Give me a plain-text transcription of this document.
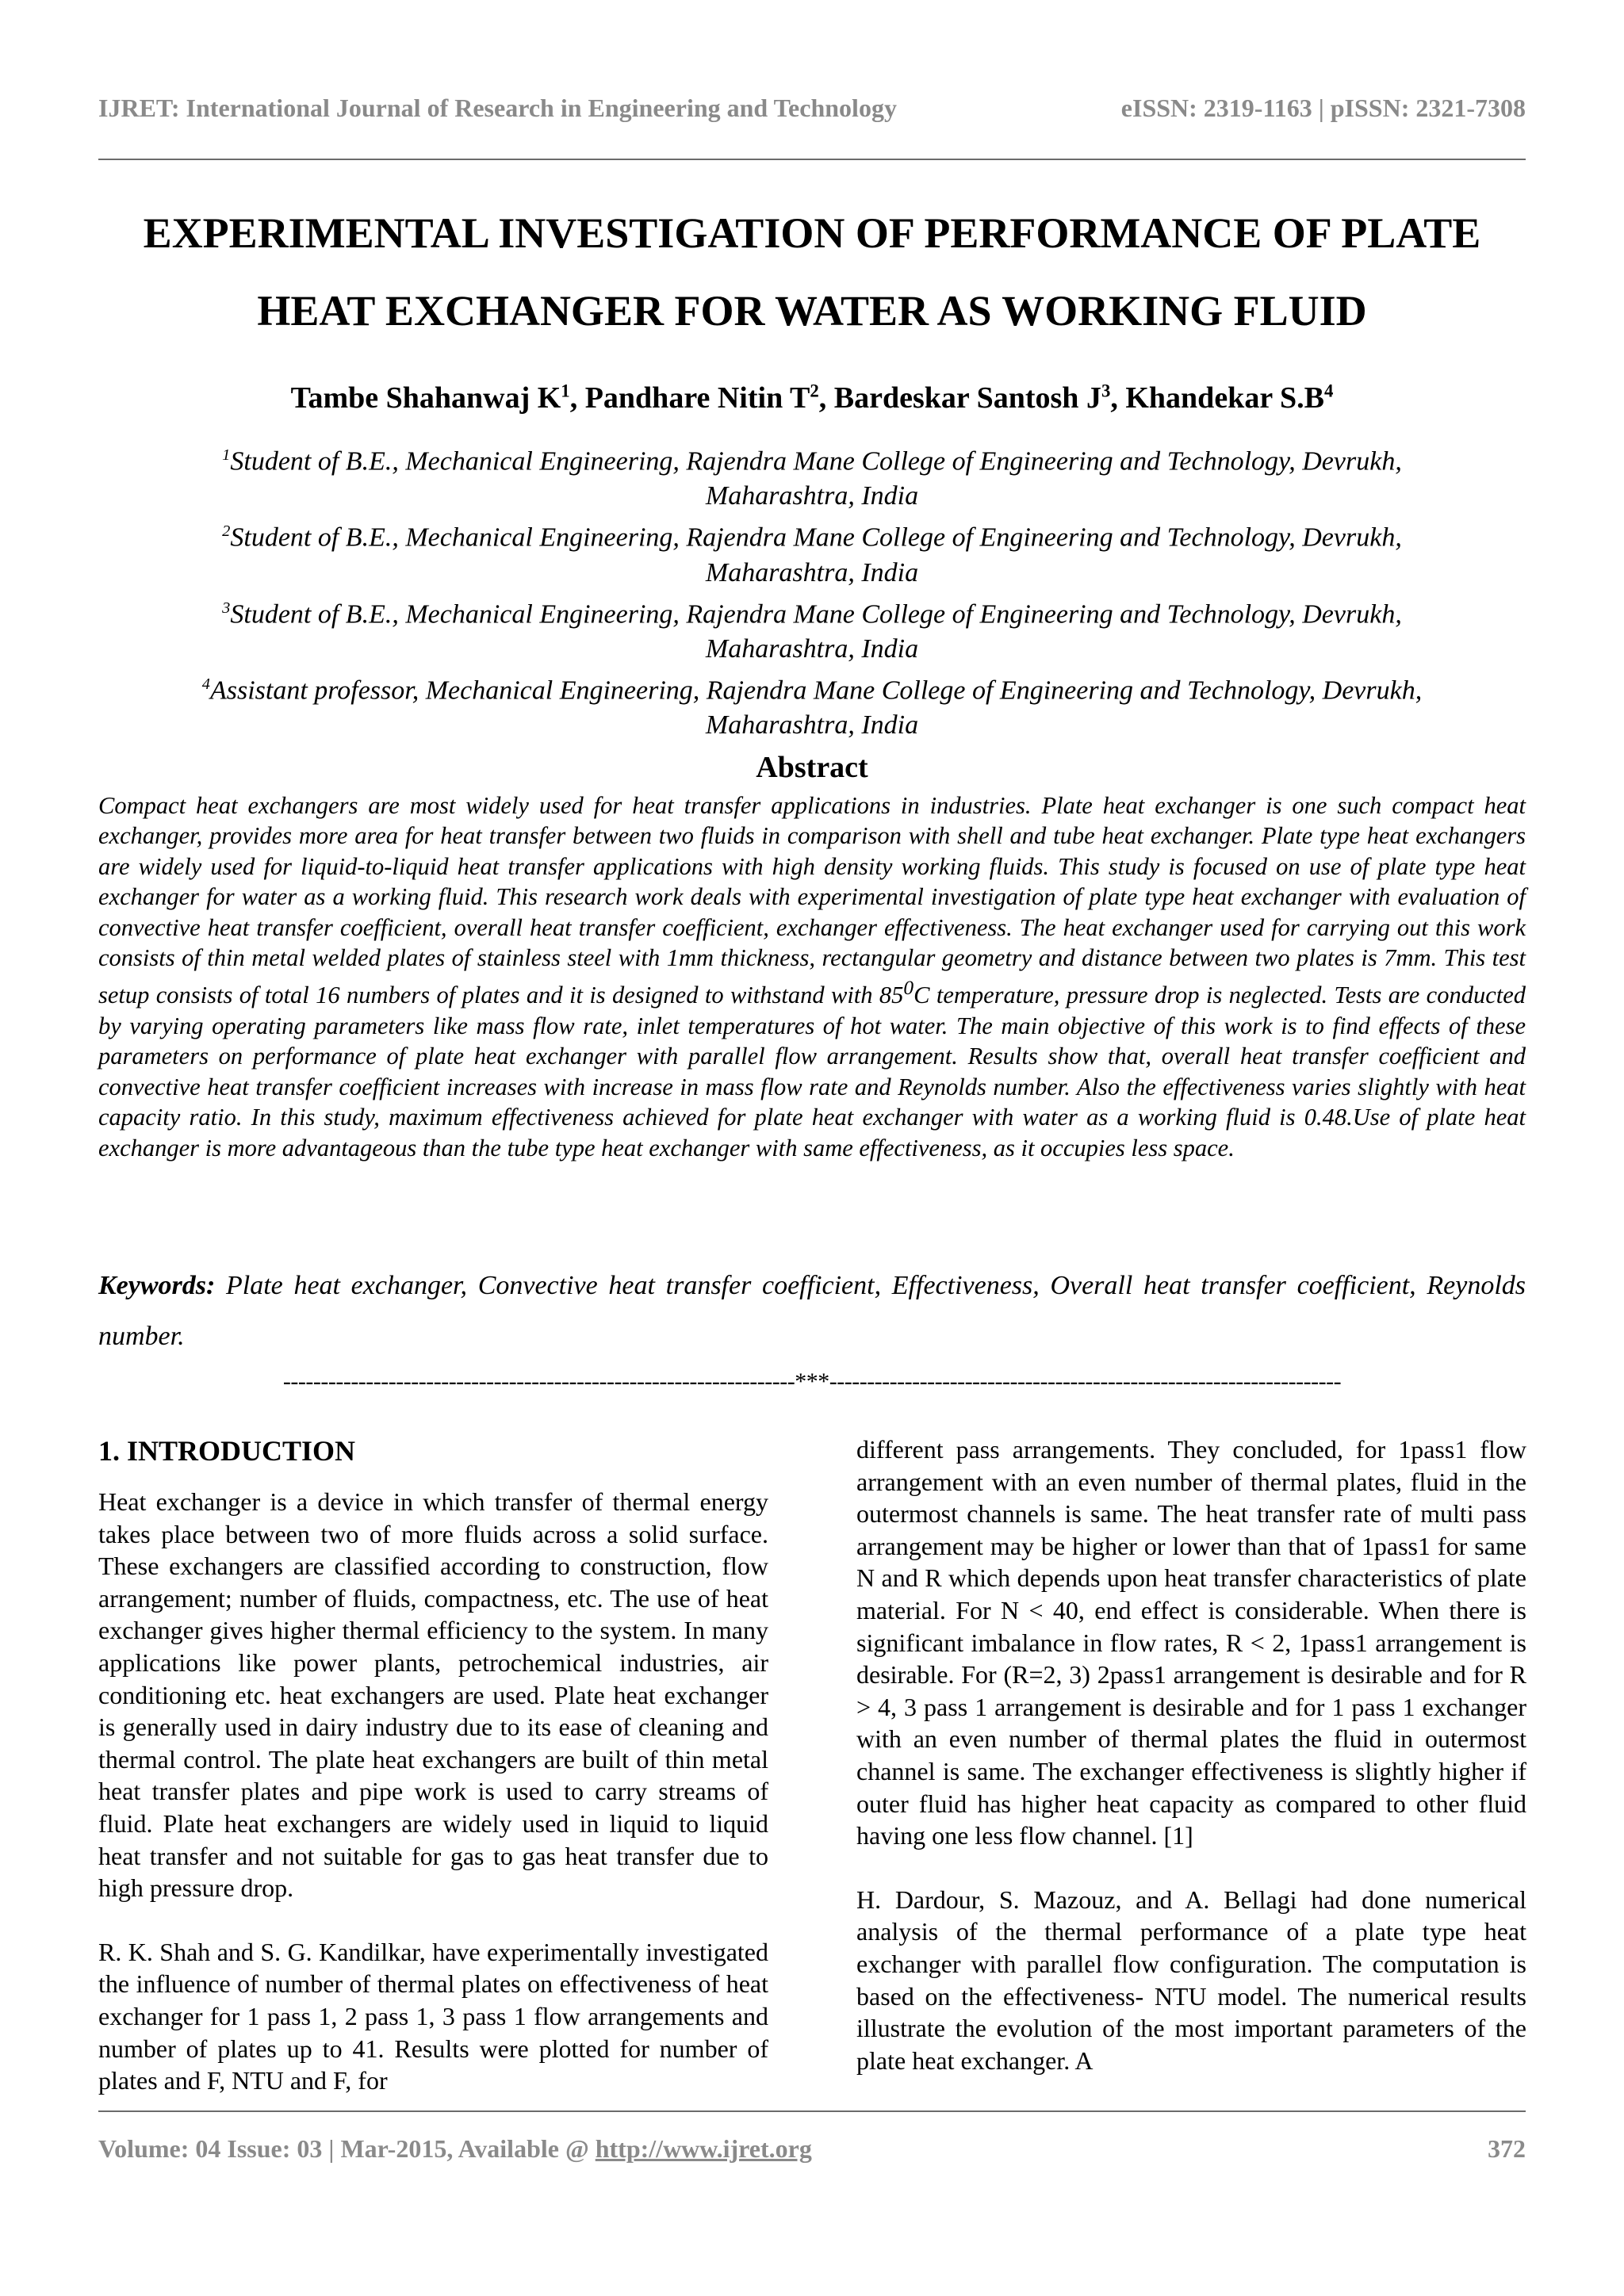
IJRET: International Journal of Research in Engineering and Technology	eISSN: 2319-1163 | pISSN: 2321-7308
EXPERIMENTAL INVESTIGATION OF PERFORMANCE OF PLATE
HEAT EXCHANGER FOR WATER AS WORKING FLUID
Tambe Shahanwaj $K^1$, Pandhare Nitin $T^2$, Bardeskar Santosh $J^3$, Khandekar $S.B^4$
$^1$Student of B.E., Mechanical Engineering, Rajendra Mane College of Engineering and Technology, Devrukh,
Maharashtra, India
$^2$Student of B.E., Mechanical Engineering, Rajendra Mane College of Engineering and Technology, Devrukh,
Maharashtra, India
$^3$Student of B.E., Mechanical Engineering, Rajendra Mane College of Engineering and Technology, Devrukh,
Maharashtra, India
$^4$Assistant professor, Mechanical Engineering, Rajendra Mane College of Engineering and Technology, Devrukh,
Maharashtra, India
Abstract

Compact heat exchangers are most widely used for heat transfer applications in industries. Plate heat exchanger is one such compact heat exchanger, provides more area for heat transfer between two fluids in comparison with shell and tube heat exchanger. Plate type heat exchangers are widely used for liquid-to-liquid heat transfer applications with high density working fluids. This study is focused on use of plate type heat exchanger for water as a working fluid. This research work deals with experimental investigation of plate type heat exchanger with evaluation of convective heat transfer coefficient, overall heat transfer coefficient, exchanger effectiveness. The heat exchanger used for carrying out this work consists of thin metal welded plates of stainless steel with 1mm thickness, rectangular geometry and distance between two plates is 7mm. This test setup consists of total 16 numbers of plates and it is designed to withstand with $85^0C$ temperature, pressure drop is neglected. Tests are conducted by varying operating parameters like mass flow rate, inlet temperatures of hot water. The main objective of this work is to find effects of these parameters on performance of plate heat exchanger with parallel flow arrangement. Results show that, overall heat transfer coefficient and convective heat transfer coefficient increases with increase in mass flow rate and Reynolds number. Also the effectiveness varies slightly with heat capacity ratio. In this study, maximum effectiveness achieved for plate heat exchanger with water as a working fluid is 0.48.Use of plate heat exchanger is more advantageous than the tube type heat exchanger with same effectiveness, as it occupies less space.

Keywords: Plate heat exchanger, Convective heat transfer coefficient, Effectiveness, Overall heat transfer coefficient, Reynolds number.

--------------------------------------------------------------------***--------------------------------------------------------------------
1. INTRODUCTION

Heat exchanger is a device in which transfer of thermal energy takes place between two of more fluids across a solid surface. These exchangers are classified according to construction, flow arrangement; number of fluids, compactness, etc. The use of heat exchanger gives higher thermal efficiency to the system. In many applications like power plants, petrochemical industries, air conditioning etc. heat exchangers are used. Plate heat exchanger is generally used in dairy industry due to its ease of cleaning and thermal control. The plate heat exchangers are built of thin metal heat transfer plates and pipe work is used to carry streams of fluid. Plate heat exchangers are widely used in liquid to liquid heat transfer and not suitable for gas to gas heat transfer due to high pressure drop.

R. K. Shah and S. G. Kandilkar, have experimentally investigated the influence of number of thermal plates on effectiveness of heat exchanger for 1 pass 1, 2 pass 1, 3 pass 1 flow arrangements and number of plates up to 41. Results were plotted for number of plates and F, NTU and F, for

different pass arrangements. They concluded, for 1pass1 flow arrangement with an even number of thermal plates, fluid in the outermost channels is same. The heat transfer rate of multi pass arrangement may be higher or lower than that of 1pass1 for same N and R which depends upon heat transfer characteristics of plate material. For N < 40, end effect is considerable. When there is significant imbalance in flow rates, R < 2, 1pass1 arrangement is desirable. For (R=2, 3) 2pass1 arrangement is desirable and for R > 4, 3 pass 1 arrangement is desirable and for 1 pass 1 exchanger with an even number of thermal plates the fluid in outermost channel is same. The exchanger effectiveness is slightly higher if outer fluid has higher heat capacity as compared to other fluid having one less flow channel. [1]

H. Dardour, S. Mazouz, and A. Bellagi had done numerical analysis of the thermal performance of a plate type heat exchanger with parallel flow configuration. The computation is based on the effectiveness- NTU model. The numerical results illustrate the evolution of the most important parameters of the plate heat exchanger. A

Volume: 04 Issue: 03 | Mar-2015, Available @ http://www.ijret.org	372
